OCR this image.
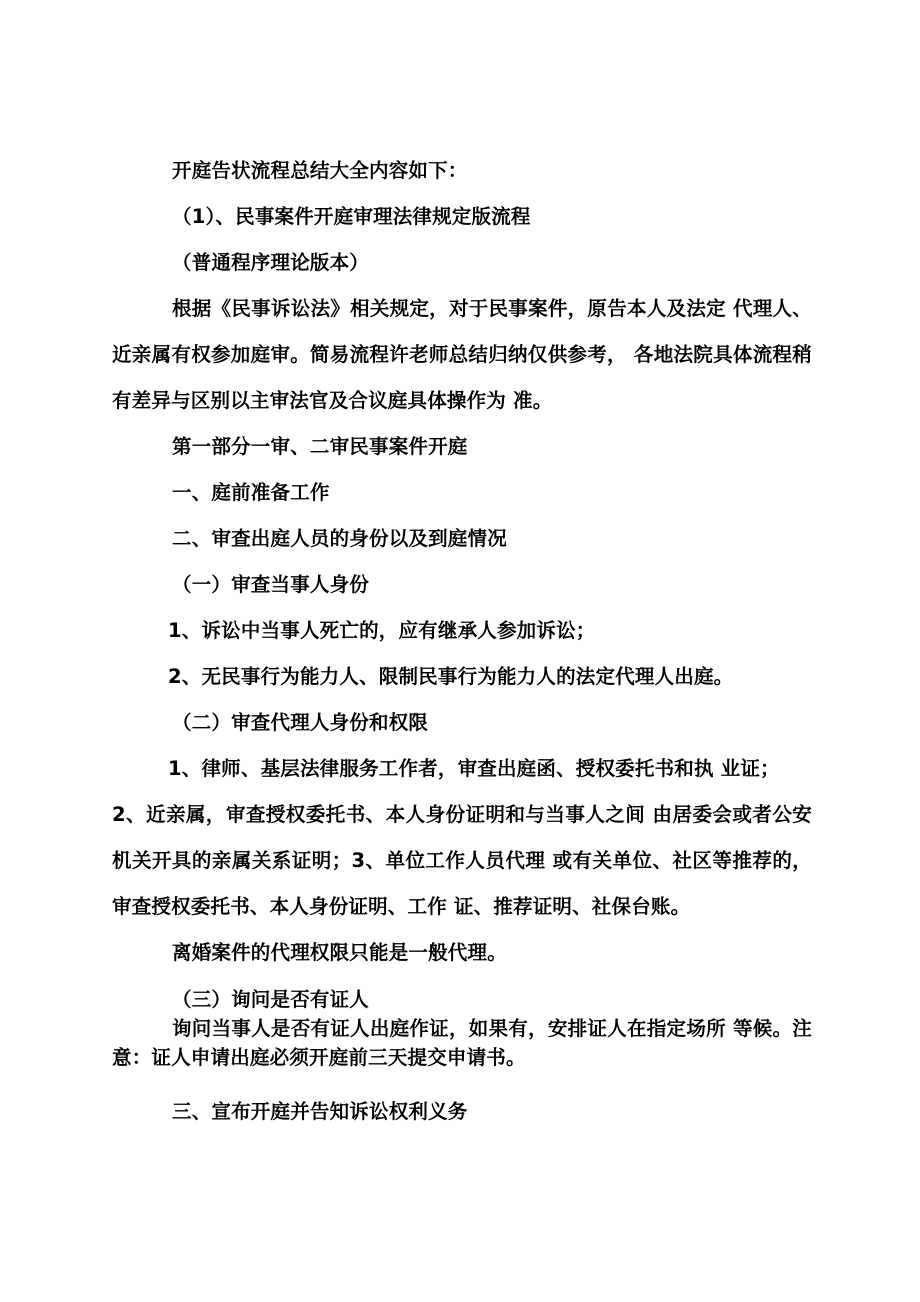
开庭告状流程总结大全内容如下：

（1）、民事案件开庭审理法律规定版流程

（普通程序理论版本）

根据《民事诉讼法》相关规定，对于民事案件，原告本人及法定 代理人、近亲属有权参加庭审。简易流程许老师总结归纳仅供参考， 各地法院具体流程稍有差异与区别以主审法官及合议庭具体操作为 准。

第一部分一审、二审民事案件开庭

一、庭前准备工作

二、审查出庭人员的身份以及到庭情况

（一）审查当事人身份

1、诉讼中当事人死亡的，应有继承人参加诉讼；

2、无民事行为能力人、限制民事行为能力人的法定代理人出庭。

（二）审查代理人身份和权限

1、律师、基层法律服务工作者，审查出庭函、授权委托书和执 业证；

2、近亲属，审查授权委托书、本人身份证明和与当事人之间 由居委会或者公安机关开具的亲属关系证明；3、单位工作人员代理 或有关单位、社区等推荐的，审查授权委托书、本人身份证明、工作 证、推荐证明、社保台账。

离婚案件的代理权限只能是一般代理。

（三）询问是否有证人

询问当事人是否有证人出庭作证，如果有，安排证人在指定场所 等候。注意：证人申请出庭必须开庭前三天提交申请书。

三、宣布开庭并告知诉讼权利义务
